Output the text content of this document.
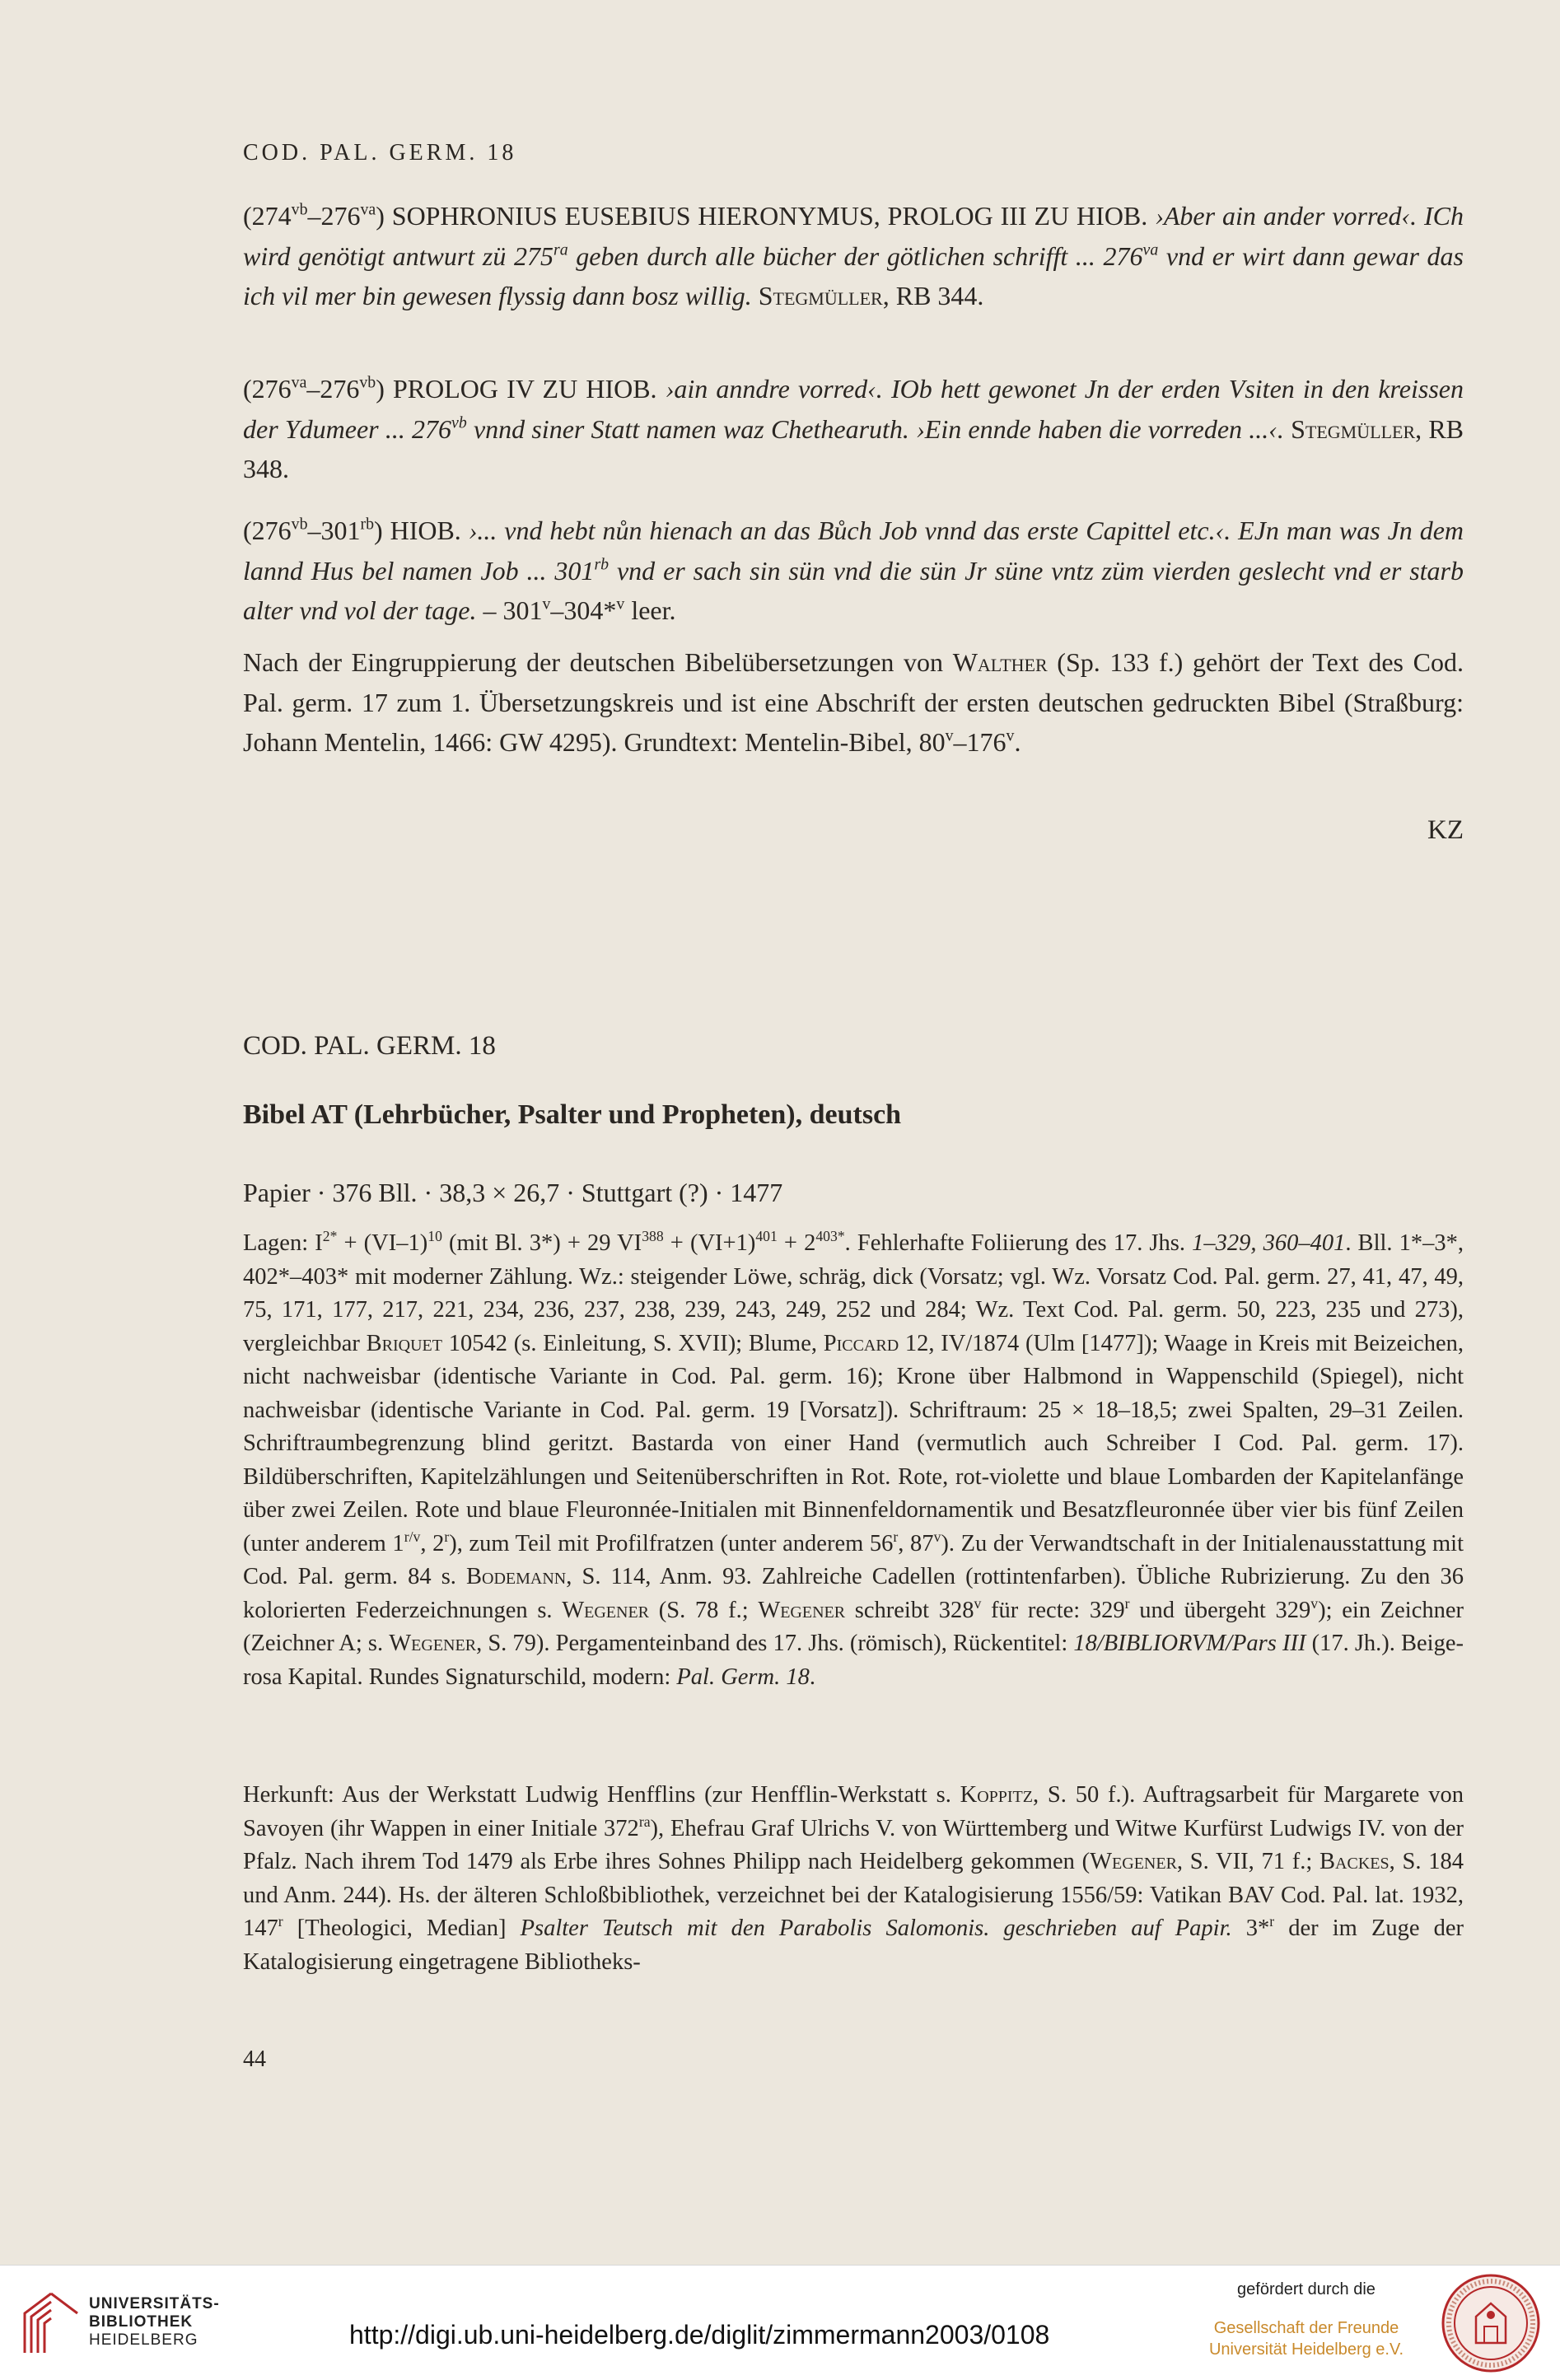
COD. PAL. GERM. 18

$(274^{vb}-276^{va})$ SOPHRONIUS EUSEBIUS HIERONYMUS, PROLOG III ZU HIOB. ›Aber ain ander vorred‹. ICh wird genötigt antwurt zü $275^{ra}$ geben durch alle bücher der götlichen schrifft ... $276^{va}$ vnd er wirt dann gewar das ich vil mer bin gewesen flyssig dann bosz willig. Stegmüller, RB 344.

$(276^{va}-276^{vb})$ PROLOG IV ZU HIOB. ›ain anndre vorred‹. IOb hett gewonet Jn der erden Vsiten in den kreissen der Ydumeer ... $276^{vb}$ vnnd siner Statt namen waz Chethearuth. ›Ein ennde haben die vorreden ...‹. Stegmüller, RB 348.

$(276^{vb}-301^{rb})$ HIOB. ›... vnd hebt nůn hienach an das Bůch Job vnnd das erste Capittel etc.‹. EJn man was Jn dem lannd Hus bel namen Job ... $301^{rb}$ vnd er sach sin sün vnd die sün Jr süne vntz züm vierden geslecht vnd er starb alter vnd vol der tage. – 301$^v$–304*$^v$ leer.

Nach der Eingruppierung der deutschen Bibelübersetzungen von Walther (Sp. 133 f.) gehört der Text des Cod. Pal. germ. 17 zum 1. Übersetzungskreis und ist eine Abschrift der ersten deutschen gedruckten Bibel (Straßburg: Johann Mentelin, 1466: GW 4295). Grundtext: Mentelin-Bibel, 80$^v$–176$^v$.

KZ
COD. PAL. GERM. 18
Bibel AT (Lehrbücher, Psalter und Propheten), deutsch
Papier · 376 Bll. · 38,3 × 26,7 · Stuttgart (?) · 1477

Lagen: $I^{2*} + (VI-1)^{10}$ (mit Bl. 3*) + 29 $VI^{388} + (VI+1)^{401} + 2^{403*}$. Fehlerhafte Foliierung des 17. Jhs. 1–329, 360–401. Bll. 1*–3*, 402*–403* mit moderner Zählung. Wz.: steigender Löwe, schräg, dick (Vorsatz; vgl. Wz. Vorsatz Cod. Pal. germ. 27, 41, 47, 49, 75, 171, 177, 217, 221, 234, 236, 237, 238, 239, 243, 249, 252 und 284; Wz. Text Cod. Pal. germ. 50, 223, 235 und 273), vergleichbar Briquet 10542 (s. Einleitung, S. XVII); Blume, Piccard 12, IV/1874 (Ulm [1477]); Waage in Kreis mit Beizeichen, nicht nachweisbar (identische Variante in Cod. Pal. germ. 16); Krone über Halbmond in Wappenschild (Spiegel), nicht nachweisbar (identische Variante in Cod. Pal. germ. 19 [Vorsatz]). Schriftraum: 25 × 18–18,5; zwei Spalten, 29–31 Zeilen. Schriftraumbegrenzung blind geritzt. Bastarda von einer Hand (vermutlich auch Schreiber I Cod. Pal. germ. 17). Bildüberschriften, Kapitelzählungen und Seitenüberschriften in Rot. Rote, rot-violette und blaue Lombarden der Kapitelanfänge über zwei Zeilen. Rote und blaue Fleuronnée-Initialen mit Binnenfeldornamentik und Besatzfleuronnée über vier bis fünf Zeilen (unter anderem $1^{r/v}$, 2$^r$), zum Teil mit Profilfratzen (unter anderem 56$^r$, 87$^v$). Zu der Verwandtschaft in der Initialenausstattung mit Cod. Pal. germ. 84 s. Bodemann, S. 114, Anm. 93. Zahlreiche Cadellen (rottintenfarben). Übliche Rubrizierung. Zu den 36 kolorierten Federzeichnungen s. Wegener (S. 78 f.; Wegener schreibt 328$^v$ für recte: 329$^r$ und übergeht 329$^v$); ein Zeichner (Zeichner A; s. Wegener, S. 79). Pergamenteinband des 17. Jhs. (römisch), Rückentitel: 18/BIBLIORVM/Pars III (17. Jh.). Beige-rosa Kapital. Rundes Signaturschild, modern: Pal. Germ. 18.

Herkunft: Aus der Werkstatt Ludwig Henfflins (zur Henfflin-Werkstatt s. Koppitz, S. 50 f.). Auftragsarbeit für Margarete von Savoyen (ihr Wappen in einer Initiale $372^{ra}$), Ehefrau Graf Ulrichs V. von Württemberg und Witwe Kurfürst Ludwigs IV. von der Pfalz. Nach ihrem Tod 1479 als Erbe ihres Sohnes Philipp nach Heidelberg gekommen (Wegener, S. VII, 71 f.; Backes, S. 184 und Anm. 244). Hs. der älteren Schloßbibliothek, verzeichnet bei der Katalogisierung 1556/59: Vatikan BAV Cod. Pal. lat. 1932, 147$^r$ [Theologici, Median] Psalter Teutsch mit den Parabolis Salomonis. geschrieben auf Papir. 3*$^r$ der im Zuge der Katalogisierung eingetragene Bibliotheks-

44
UNIVERSITÄTS-
BIBLIOTHEK
HEIDELBERG	http://digi.ub.uni-heidelberg.de/diglit/zimmermann2003/0108
gefördert durch die
Gesellschaft der Freunde
Universität Heidelberg e.V.
